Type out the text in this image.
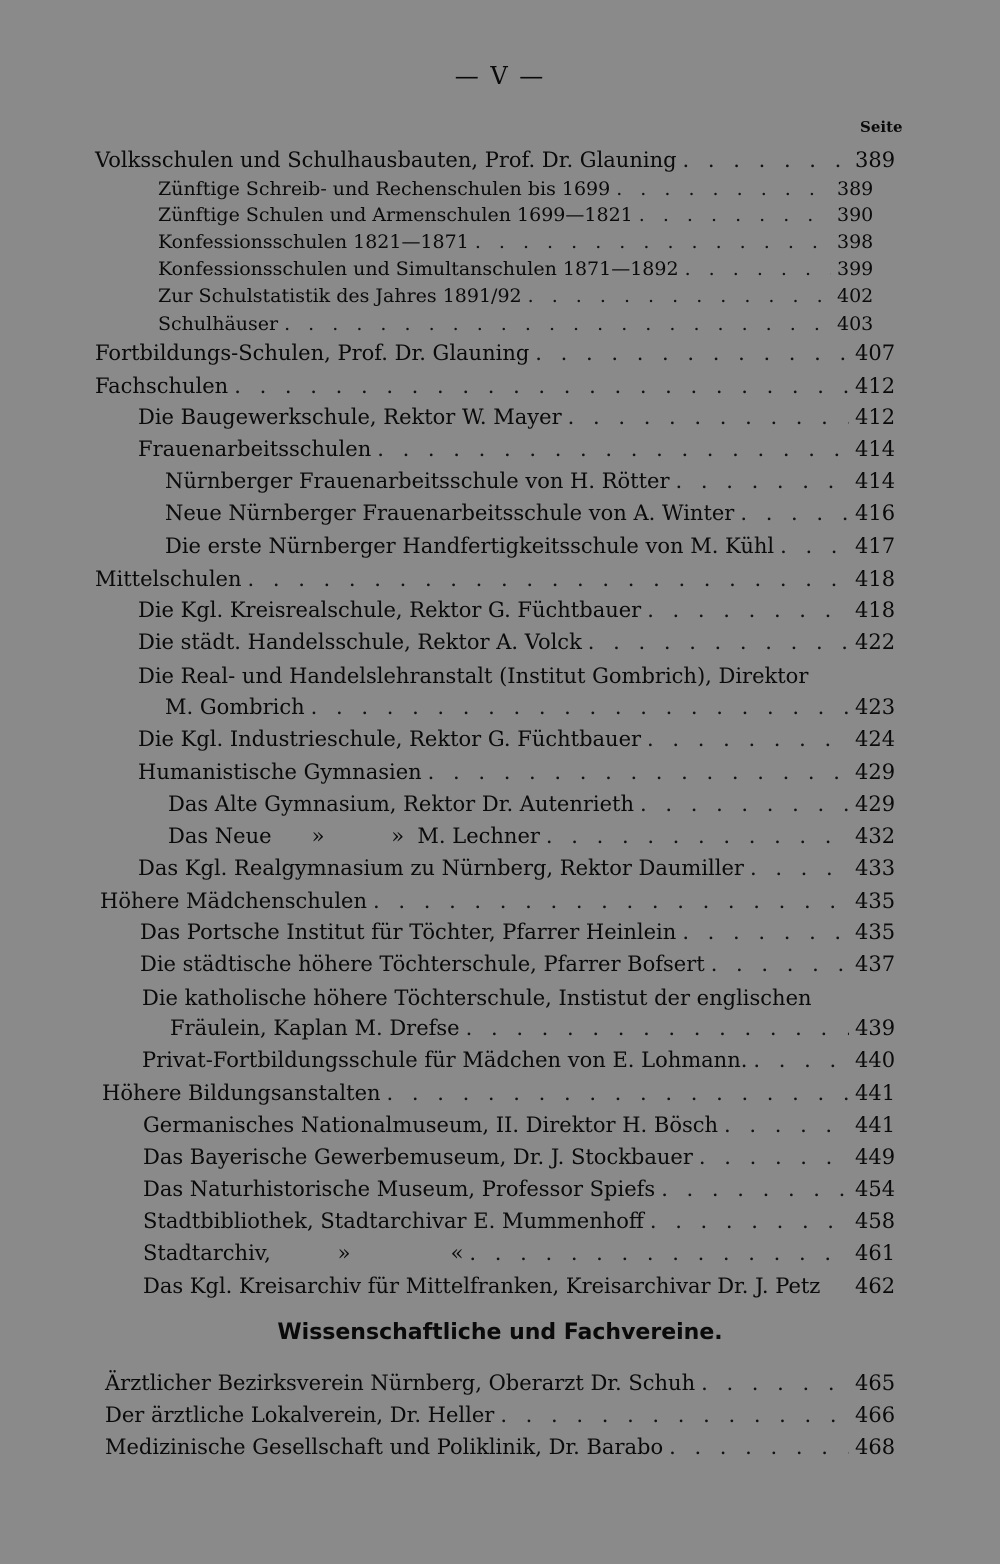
— V —
Seite
Volksschulen und Schulhausbauten, Prof. Dr. Glauning . . .	389
Zünftige Schreib- und Rechenschulen bis 1699 . . .	389
Zünftige Schulen und Armenschulen 1699—1821 . . .	390
Konfessionsschulen 1821—1871 . . .	398
Konfessionsschulen und Simultanschulen 1871—1892 . . .	399
Zur Schulstatistik des Jahres 1891/92 . . .	402
Schulhäuser . . .	403
Fortbildungs-Schulen, Prof. Dr. Glauning . . .	407
Fachschulen . . .	412
Die Baugewerkschule, Rektor W. Mayer . . .	412
Frauenarbeitsschulen . . .	414
Nürnberger Frauenarbeitsschule von H. Rötter . . .	414
Neue Nürnberger Frauenarbeitsschule von A. Winter . . .	416
Die erste Nürnberger Handfertigkeitsschule von M. Kühl . . .	417
Mittelschulen . . .	418
Die Kgl. Kreisrealschule, Rektor G. Füchtbauer . . .	418
Die städt. Handelsschule, Rektor A. Volck . . .	422
Die Real- und Handelslehranstalt (Institut Gombrich), Direktor
M. Gombrich . . .	423
Die Kgl. Industrieschule, Rektor G. Füchtbauer . . .	424
Humanistische Gymnasien . . .	429
Das Alte Gymnasium, Rektor Dr. Autenrieth . . .	429
Das Neue      »          »  M. Lechner . . .	432
Das Kgl. Realgymnasium zu Nürnberg, Rektor Daumiller . . .	433
Höhere Mädchenschulen . . .	435
Das Portsche Institut für Töchter, Pfarrer Heinlein . . .	435
Die städtische höhere Töchterschule, Pfarrer Bofsert . . .	437
Die katholische höhere Töchterschule, Instistut der englischen
Fräulein, Kaplan M. Drefse . . .	439
Privat-Fortbildungsschule für Mädchen von E. Lohmann. . . .	440
Höhere Bildungsanstalten . . .	441
Germanisches Nationalmuseum, II. Direktor H. Bösch . . .	441
Das Bayerische Gewerbemuseum, Dr. J. Stockbauer . . .	449
Das Naturhistorische Museum, Professor Spiefs . . .	454
Stadtbibliothek, Stadtarchivar E. Mummenhoff . . .	458
Stadtarchiv,          »               « . . .	461
Das Kgl. Kreisarchiv für Mittelfranken, Kreisarchivar Dr. J. Petz 462
Wissenschaftliche und Fachvereine.
Ärztlicher Bezirksverein Nürnberg, Oberarzt Dr. Schuh . . .	465
Der ärztliche Lokalverein, Dr. Heller . . .	466
Medizinische Gesellschaft und Poliklinik, Dr. Barabo . . .	468
